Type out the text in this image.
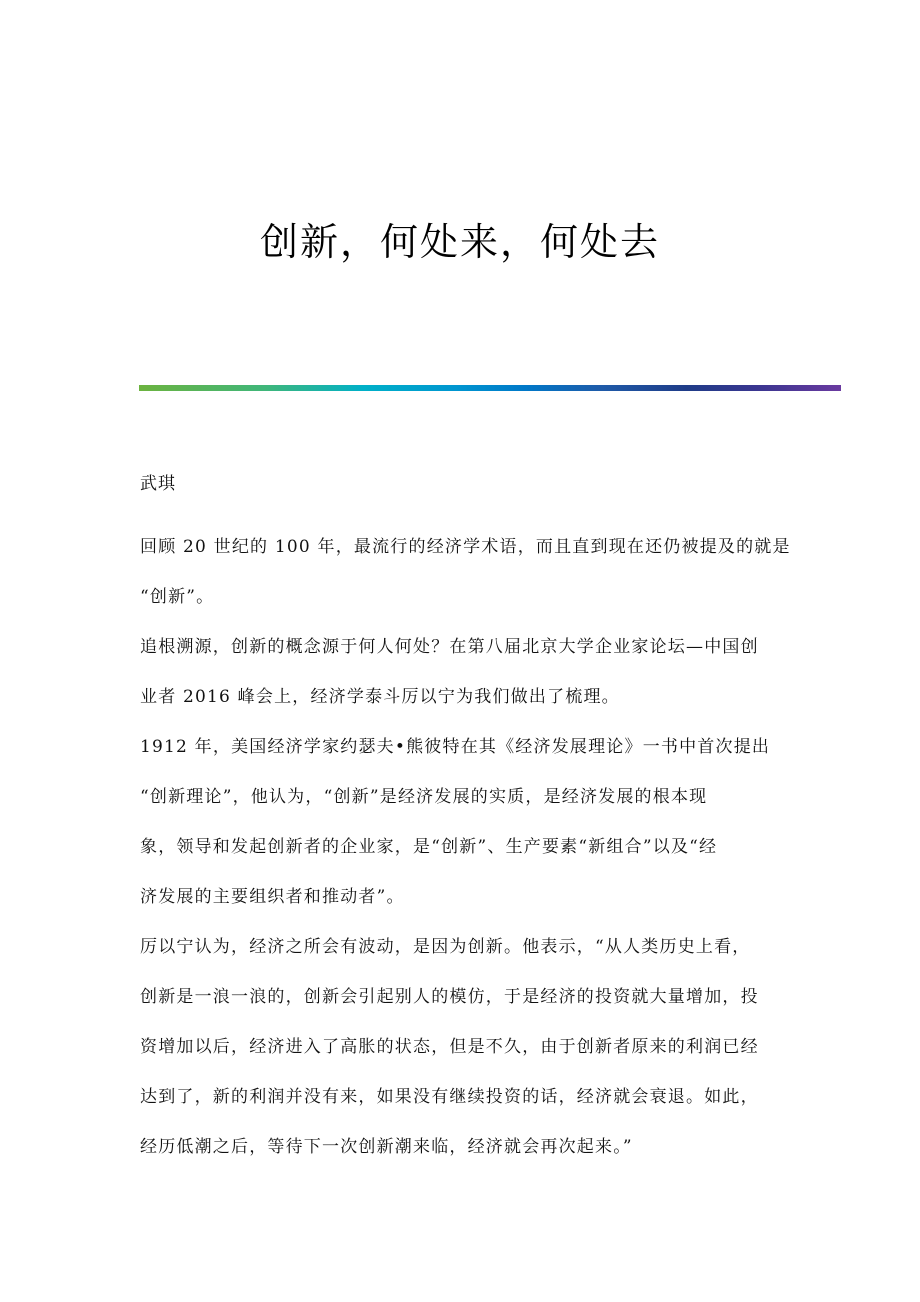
创新，何处来，何处去

武琪

回顾 20 世纪的 100 年，最流行的经济学术语，而且直到现在还仍被提及的就是
“创新”。

追根溯源，创新的概念源于何人何处？在第八届北京大学企业家论坛—中国创
业者 2016 峰会上，经济学泰斗厉以宁为我们做出了梳理。

1912 年，美国经济学家约瑟夫•熊彼特在其《经济发展理论》一书中首次提出
“创新理论”，他认为，“创新”是经济发展的实质，是经济发展的根本现
象，领导和发起创新者的企业家，是“创新”、生产要素“新组合”以及“经
济发展的主要组织者和推动者”。

厉以宁认为，经济之所会有波动，是因为创新。他表示，“从人类历史上看，
创新是一浪一浪的，创新会引起别人的模仿，于是经济的投资就大量增加，投
资增加以后，经济进入了高胀的状态，但是不久，由于创新者原来的利润已经
达到了，新的利润并没有来，如果没有继续投资的话，经济就会衰退。如此，
经历低潮之后，等待下一次创新潮来临，经济就会再次起来。”
